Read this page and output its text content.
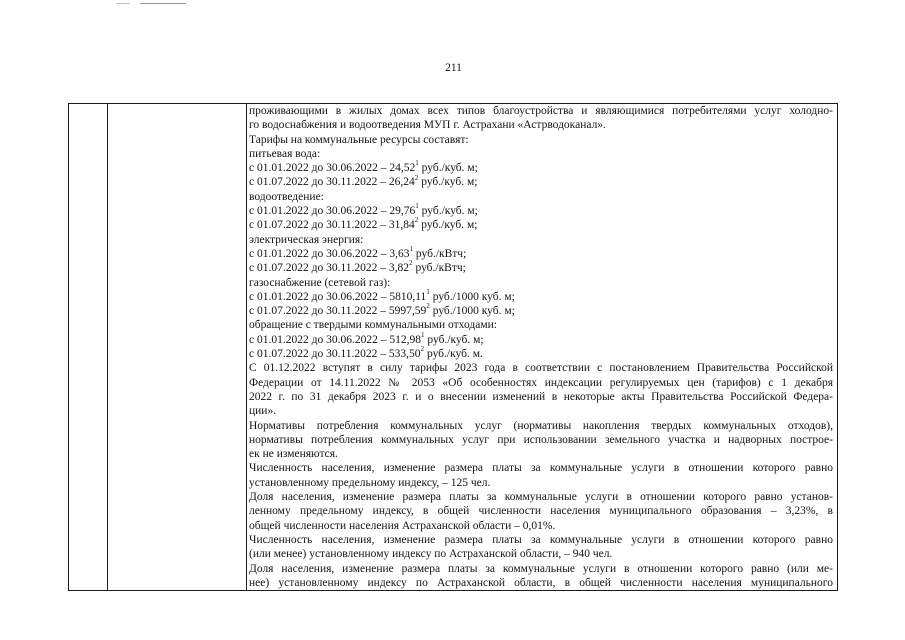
211
проживающими в жилых домах всех типов благоустройства и являющимися потребителями услуг холодно-
го водоснабжения и водоотведения МУП г. Астрахани «Астрводоканал».
Тарифы на коммунальные ресурсы составят:
питьевая вода:
с 01.01.2022 до 30.06.2022 – 24,52$^1$ руб./куб. м;
с 01.07.2022 до 30.11.2022 – 26,24$^2$ руб./куб. м;
водоотведение:
с 01.01.2022 до 30.06.2022 – 29,76$^1$ руб./куб. м;
с 01.07.2022 до 30.11.2022 – 31,84$^2$ руб./куб. м;
электрическая энергия:
с 01.01.2022 до 30.06.2022 – 3,63$^1$ руб./кВтч;
с 01.07.2022 до 30.11.2022 – 3,82$^2$ руб./кВтч;
газоснабжение (сетевой газ):
с 01.01.2022 до 30.06.2022 – 5810,11$^1$ руб./1000 куб. м;
с 01.07.2022 до 30.11.2022 – 5997,59$^2$ руб./1000 куб. м;
обращение с твердыми коммунальными отходами:
с 01.01.2022 до 30.06.2022 – 512,98$^1$ руб./куб. м;
с 01.07.2022 до 30.11.2022 – 533,50$^2$ руб./куб. м.
С 01.12.2022 вступят в силу тарифы 2023 года в соответствии с постановлением Правительства Российской
Федерации от 14.11.2022 № 2053 «Об особенностях индексации регулируемых цен (тарифов) с 1 декабря
2022 г. по 31 декабря 2023 г. и о внесении изменений в некоторые акты Правительства Российской Федера-
ции».
Нормативы потребления коммунальных услуг (нормативы накопления твердых коммунальных отходов),
нормативы потребления коммунальных услуг при использовании земельного участка и надворных построе-
ек не изменяются.
Численность населения, изменение размера платы за коммунальные услуги в отношении которого равно
установленному предельному индексу, – 125 чел.
Доля населения, изменение размера платы за коммунальные услуги в отношении которого равно установ-
ленному предельному индексу, в общей численности населения муниципального образования – 3,23%, в
общей численности населения Астраханской области – 0,01%.
Численность населения, изменение размера платы за коммунальные услуги в отношении которого равно
(или менее) установленному индексу по Астраханской области, – 940 чел.
Доля населения, изменение размера платы за коммунальные услуги в отношении которого равно (или ме-
нее) установленному индексу по Астраханской области, в общей численности населения муниципального
